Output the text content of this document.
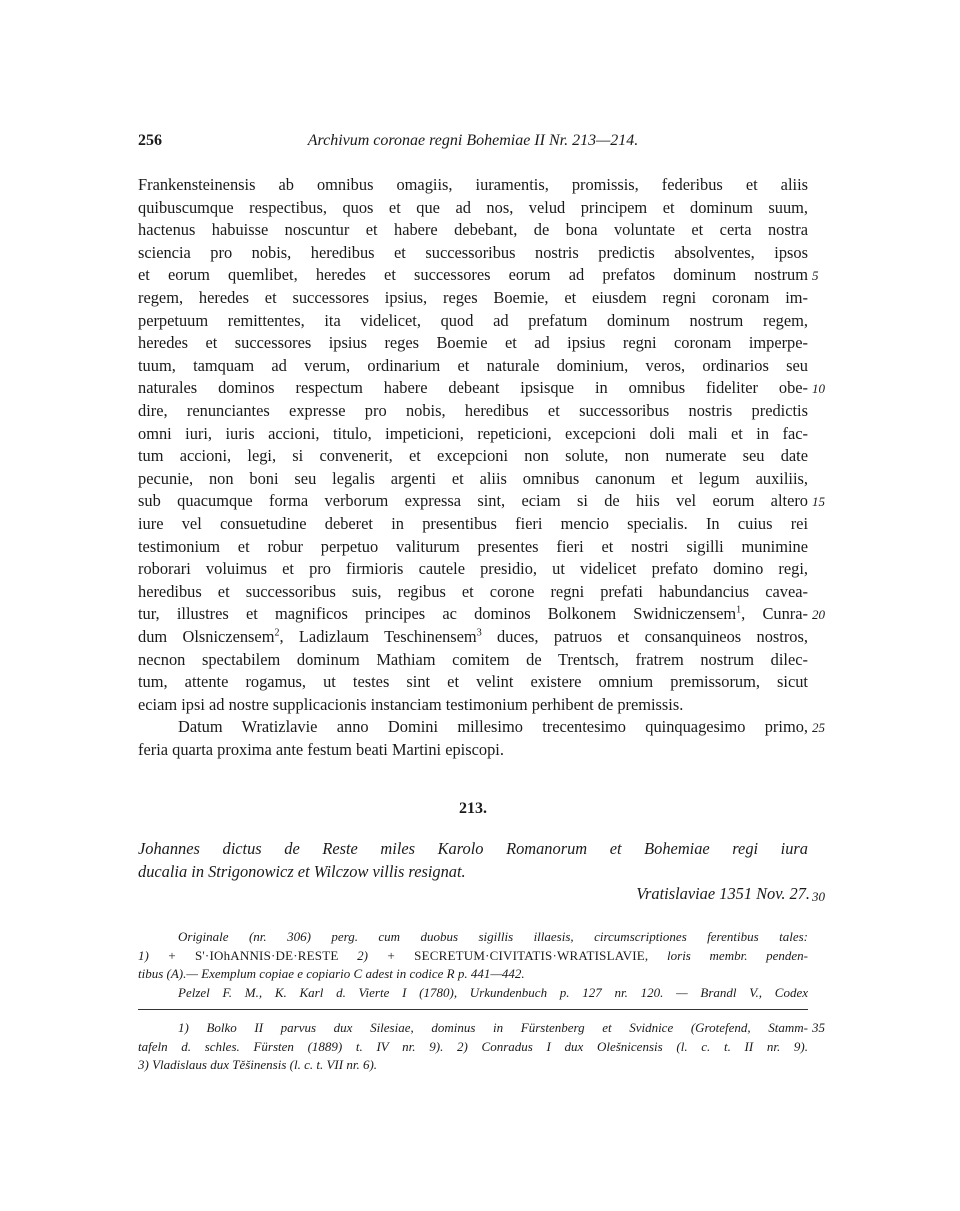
256	Archivum coronae regni Bohemiae II Nr. 213—214.
Frankensteinensis ab omnibus omagiis, iuramentis, promissis, federibus et aliis
quibuscumque respectibus, quos et que ad nos, velud principem et dominum suum,
hactenus habuisse noscuntur et habere debebant, de bona voluntate et certa nostra
sciencia pro nobis, heredibus et successoribus nostris predictis absolventes, ipsos
et eorum quemlibet, heredes et successores eorum ad prefatos dominum nostrum
regem, heredes et successores ipsius, reges Boemie, et eiusdem regni coronam im-
perpetuum remittentes, ita videlicet, quod ad prefatum dominum nostrum regem,
heredes et successores ipsius reges Boemie et ad ipsius regni coronam imperpe-
tuum, tamquam ad verum, ordinarium et naturale dominium, veros, ordinarios seu
naturales dominos respectum habere debeant ipsisque in omnibus fideliter obe-
dire, renunciantes expresse pro nobis, heredibus et successoribus nostris predictis
omni iuri, iuris accioni, titulo, impeticioni, repeticioni, excepcioni doli mali et in fac-
tum accioni, legi, si convenerit, et excepcioni non solute, non numerate seu date
pecunie, non boni seu legalis argenti et aliis omnibus canonum et legum auxiliis,
sub quacumque forma verborum expressa sint, eciam si de hiis vel eorum altero
iure vel consuetudine deberet in presentibus fieri mencio specialis. In cuius rei
testimonium et robur perpetuo valiturum presentes fieri et nostri sigilli munimine
roborari voluimus et pro firmioris cautele presidio, ut videlicet prefato domino regi,
heredibus et successoribus suis, regibus et corone regni prefati habundancius cavea-
tur, illustres et magnificos principes ac dominos Bolkonem Swidniczensem$^1$, Cunra-
dum Olsniczensem$^2$, Ladizlaum Teschinensem$^3$ duces, patruos et consanquineos nostros,
necnon spectabilem dominum Mathiam comitem de Trentsch, fratrem nostrum dilec-
tum, attente rogamus, ut testes sint et velint existere omnium premissorum, sicut
eciam ipsi ad nostre supplicacionis instanciam testimonium perhibent de premissis.
Datum Wratizlavie anno Domini millesimo trecentesimo quinquagesimo primo,
feria quarta proxima ante festum beati Martini episcopi.
5
10
15
20
25
30
35
213.
Johannes dictus de Reste miles Karolo Romanorum et Bohemiae regi iura
ducalia in Strigonowicz et Wilczow villis resignat.
Vratislaviae 1351 Nov. 27.
Originale (nr. 306) perg. cum duobus sigillis illaesis, circumscriptiones ferentibus tales:
1) + S'·IOhANNIS·DE·RESTE 2) + SECRETUM·CIVITATIS·WRATISLAVIE, loris membr. penden-
tibus (A).— Exemplum copiae e copiario C adest in codice R p. 441—442.
Pelzel F. M., K. Karl d. Vierte I (1780), Urkundenbuch p. 127 nr. 120. — Brandl V., Codex
1) Bolko II parvus dux Silesiae, dominus in Fürstenberg et Svidnice (Grotefend, Stamm-
tafeln d. schles. Fürsten (1889) t. IV nr. 9). 2) Conradus I dux Olešnicensis (l. c. t. II nr. 9).
3) Vladislaus dux Těšinensis (l. c. t. VII nr. 6).
